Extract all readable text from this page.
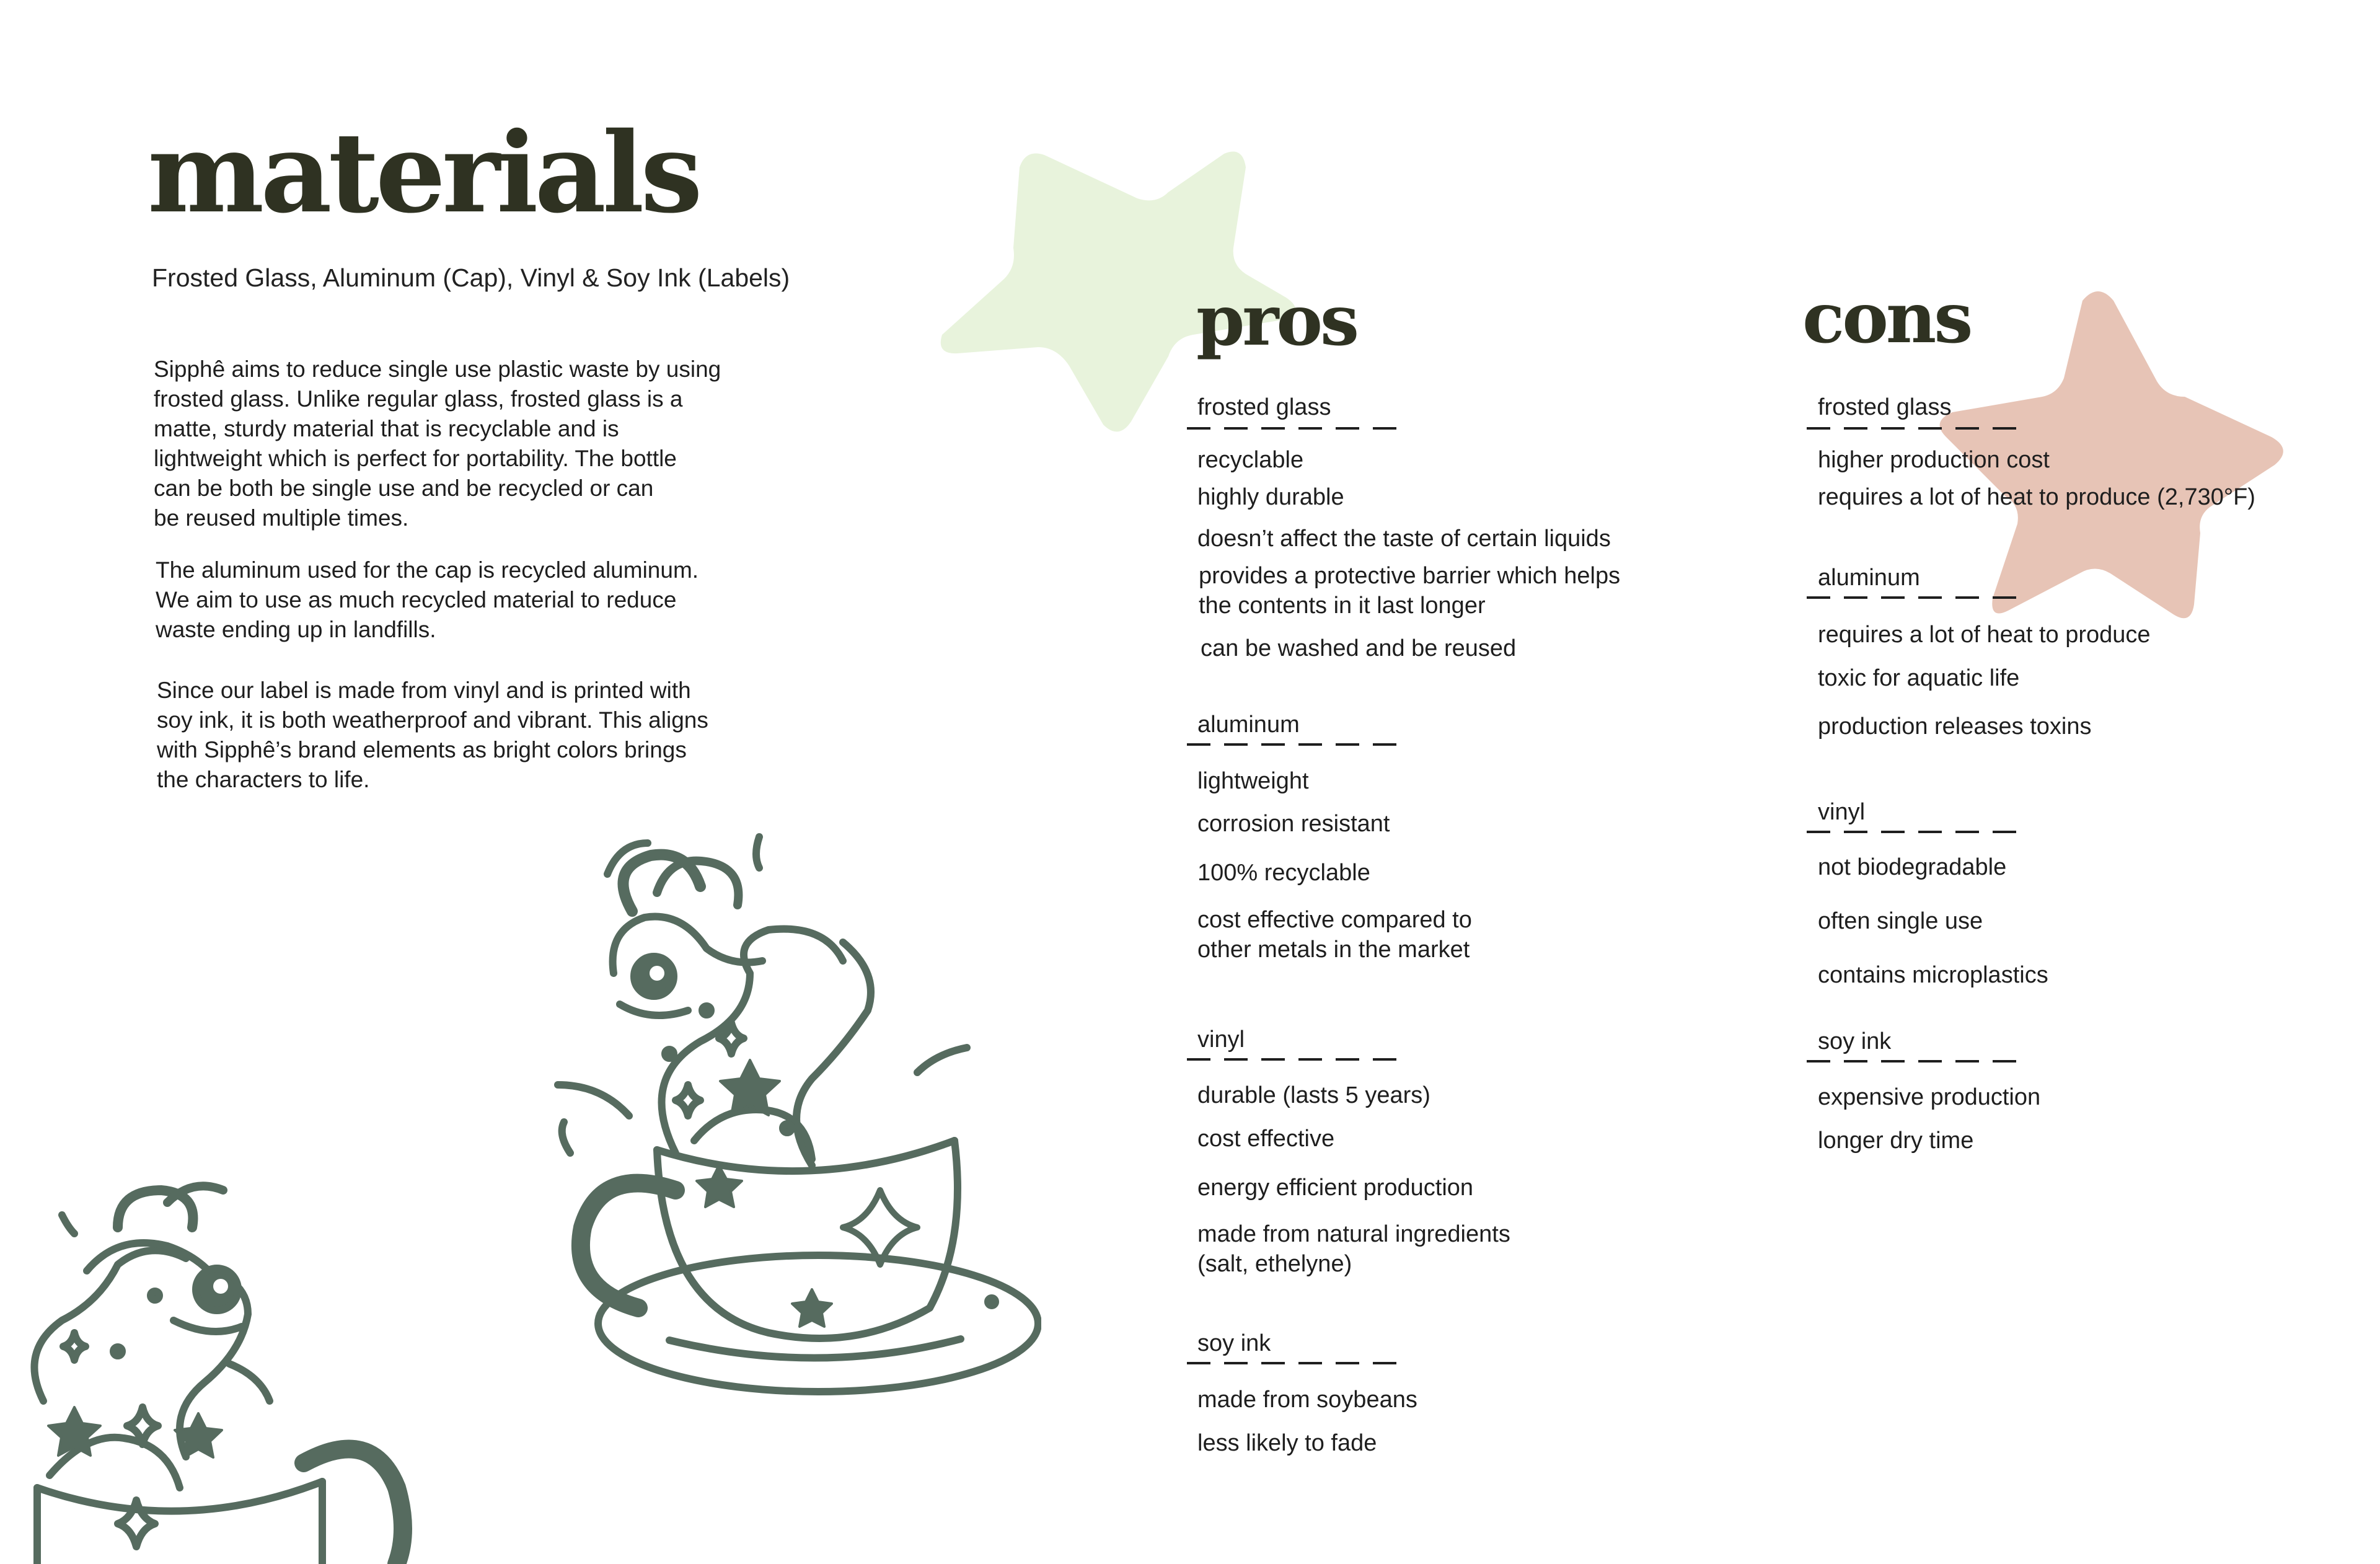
materials
Frosted Glass, Aluminum (Cap), Vinyl & Soy Ink (Labels)

Sipphê aims to reduce single use plastic waste by using
frosted glass. Unlike regular glass, frosted glass is a
matte, sturdy material that is recyclable and is
lightweight which is perfect for portability. The bottle
can be both be single use and be recycled or can
be reused multiple times.

The aluminum used for the cap is recycled aluminum.
We aim to use as much recycled material to reduce
waste ending up in landfills.

Since our label is made from vinyl and is printed with
soy ink, it is both weatherproof and vibrant. This aligns
with Sipphê’s brand elements as bright colors brings
the characters to life.

pros	cons
frosted glass
recyclable
highly durable
doesn’t affect the taste of certain liquids
provides a protective barrier which helps
the contents in it last longer
can be washed and be reused
aluminum
lightweight
corrosion resistant
100% recyclable
cost effective compared to
other metals in the market
vinyl
durable (lasts 5 years)
cost effective
energy efficient production
made from natural ingredients
(salt, ethelyne)
soy ink
made from soybeans
less likely to fade
frosted glass
higher production cost
requires a lot of heat to produce (2,730°F)
aluminum
requires a lot of heat to produce
toxic for aquatic life
production releases toxins
vinyl
not biodegradable
often single use
contains microplastics
soy ink
expensive production
longer dry time
